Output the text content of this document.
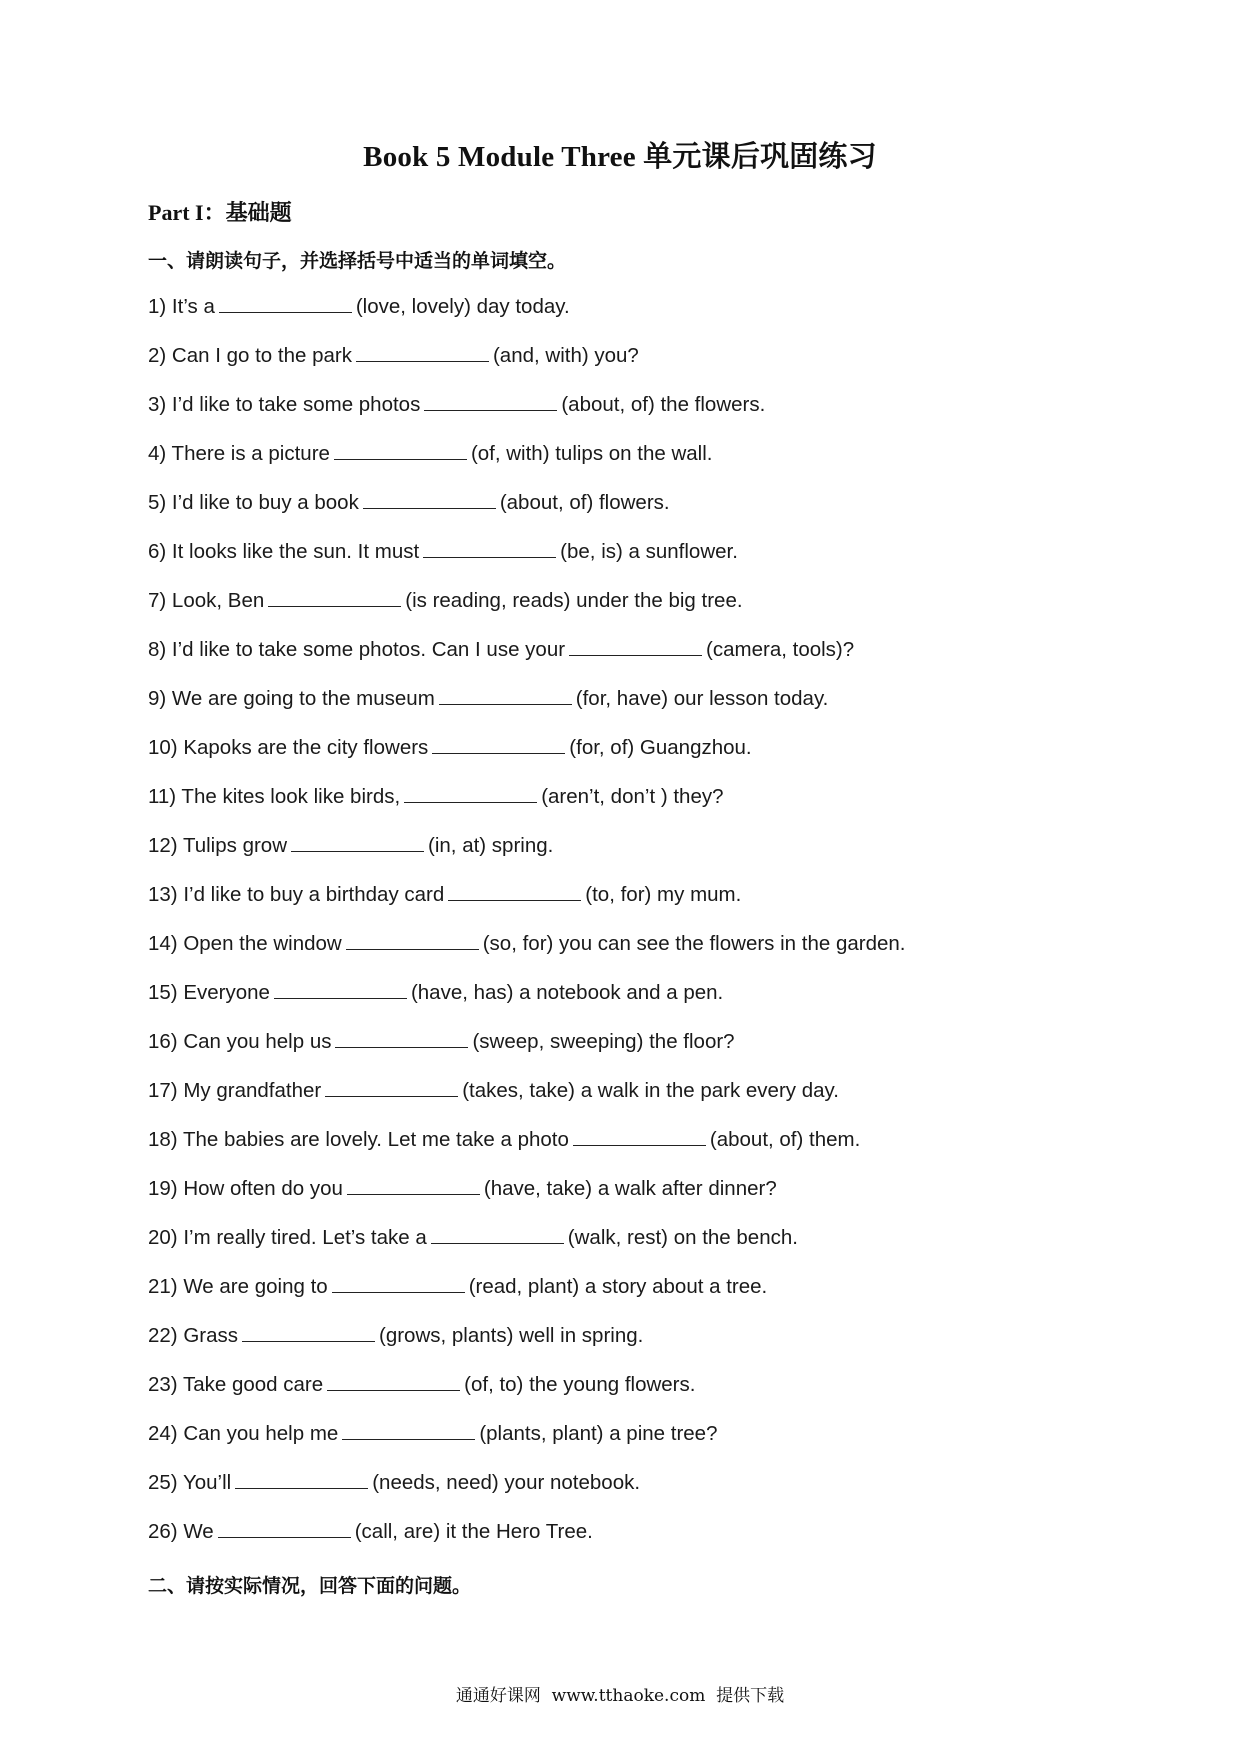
Book 5 Module Three 单元课后巩固练习
Part I：基础题
一、请朗读句子，并选择括号中适当的单词填空。
1) It’s a	(love, lovely) day today.
2) Can I go to the park	(and, with) you?
3) I’d like to take some photos	(about, of) the flowers.
4) There is a picture	(of, with) tulips on the wall.
5) I’d like to buy a book	(about, of) flowers.
6) It looks like the sun. It must	(be, is) a sunflower.
7) Look, Ben	(is reading, reads) under the big tree.
8) I’d like to take some photos. Can I use your	(camera, tools)?
9) We are going to the museum	(for, have) our lesson today.
10) Kapoks are the city flowers	(for, of) Guangzhou.
11) The kites look like birds,	(aren’t, don’t ) they?
12) Tulips grow	(in, at) spring.
13) I’d like to buy a birthday card	(to, for) my mum.
14) Open the window	(so, for) you can see the flowers in the garden.
15) Everyone	(have, has) a notebook and a pen.
16) Can you help us	(sweep, sweeping) the floor?
17) My grandfather	(takes, take) a walk in the park every day.
18) The babies are lovely. Let me take a photo	(about, of) them.
19) How often do you	(have, take) a walk after dinner?
20) I’m really tired. Let’s take a	(walk, rest) on the bench.
21) We are going to	(read, plant) a story about a tree.
22) Grass	(grows, plants) well in spring.
23) Take good care	(of, to) the young flowers.
24) Can you help me	(plants, plant) a pine tree?
25) You’ll	(needs, need) your notebook.
26) We	(call, are) it the Hero Tree.
二、请按实际情况，回答下面的问题。
通通好课网  www.tthaoke.com  提供下载
